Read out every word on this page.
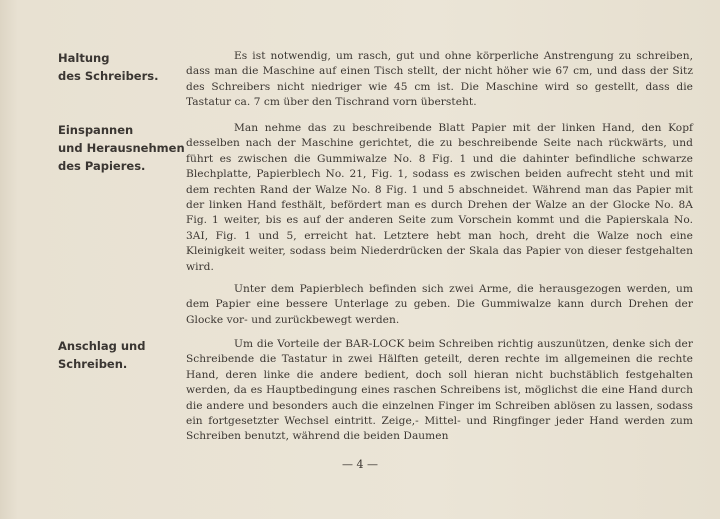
Haltung
des Schreibers.

Es ist notwendig, um rasch, gut und ohne körperliche Anstrengung zu schreiben, dass man die Maschine auf einen Tisch stellt, der nicht höher wie 67 cm, und dass der Sitz des Schreibers nicht niedriger wie 45 cm ist. Die Maschine wird so gestellt, dass die Tastatur ca. 7 cm über den Tischrand vorn übersteht.

Einspannen
und Herausnehmen
des Papieres.

Man nehme das zu beschreibende Blatt Papier mit der linken Hand, den Kopf desselben nach der Maschine gerichtet, die zu beschreibende Seite nach rückwärts, und führt es zwischen die Gummiwalze No. 8 Fig. 1 und die dahinter befindliche schwarze Blechplatte, Papierblech No. 21, Fig. 1, sodass es zwischen beiden aufrecht steht und mit dem rechten Rand der Walze No. 8 Fig. 1 und 5 abschneidet. Während man das Papier mit der linken Hand festhält, befördert man es durch Drehen der Walze an der Glocke No. 8A Fig. 1 weiter, bis es auf der anderen Seite zum Vorschein kommt und die Papierskala No. 3AI, Fig. 1 und 5, erreicht hat. Letztere hebt man hoch, dreht die Walze noch eine Kleinigkeit weiter, sodass beim Niederdrücken der Skala das Papier von dieser festgehalten wird.

Unter dem Papierblech befinden sich zwei Arme, die herausgezogen werden, um dem Papier eine bessere Unterlage zu geben. Die Gummiwalze kann durch Drehen der Glocke vor- und zurückbewegt werden.

Anschlag und
Schreiben.

Um die Vorteile der BAR-LOCK beim Schreiben richtig auszunützen, denke sich der Schreibende die Tastatur in zwei Hälften geteilt, deren rechte im allgemeinen die rechte Hand, deren linke die andere bedient, doch soll hieran nicht buchstäblich festgehalten werden, da es Hauptbedingung eines raschen Schreibens ist, möglichst die eine Hand durch die andere und besonders auch die einzelnen Finger im Schreiben ablösen zu lassen, sodass ein fortgesetzter Wechsel eintritt. Zeige,- Mittel- und Ringfinger jeder Hand werden zum Schreiben benutzt, während die beiden Daumen

— 4 —
